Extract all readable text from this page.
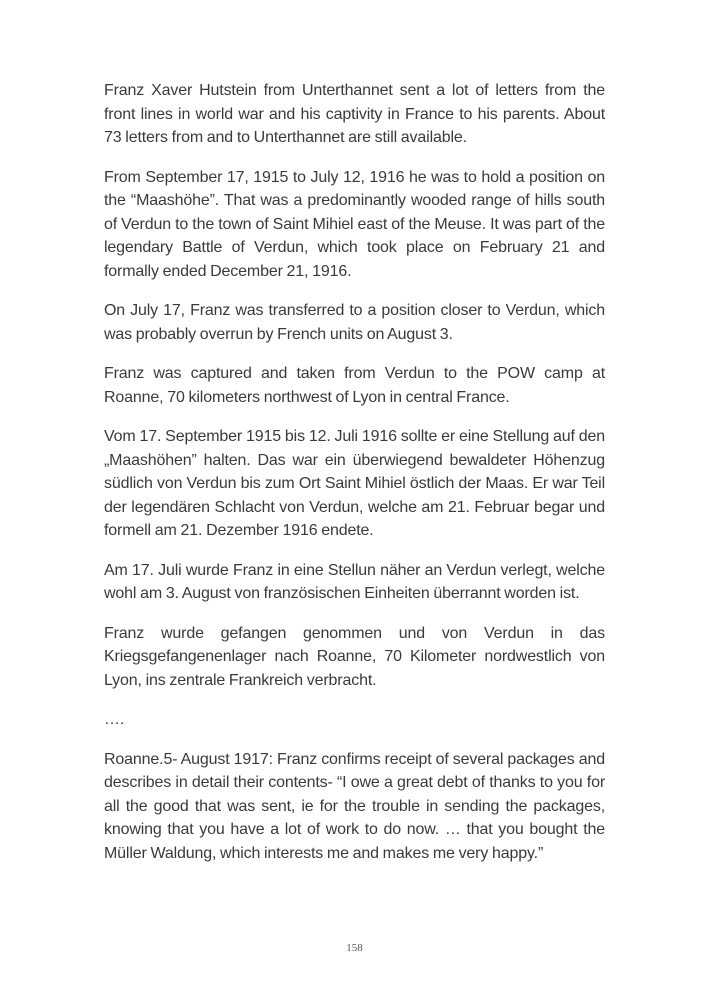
Franz Xaver Hutstein from Unterthannet sent a lot of letters from the front lines in world war and his captivity in France to his parents. About 73 letters from and to Unterthannet are still available.

From September 17, 1915 to July 12, 1916 he was to hold a position on the “Maashöhe”. That was a predominantly wooded range of hills south of Verdun to the town of Saint Mihiel east of the Meuse. It was part of the legendary Battle of Verdun, which took place on February 21 and formally ended December 21, 1916.

On July 17, Franz was transferred to a position closer to Verdun, which was probably overrun by French units on August 3.

Franz was captured and taken from Verdun to the POW camp at Roanne, 70 kilometers northwest of Lyon in central France.

Vom 17. September 1915 bis 12. Juli 1916 sollte er eine Stellung auf den „Maashöhen” halten. Das war ein überwiegend bewaldeter Höhenzug südlich von Verdun bis zum Ort Saint Mihiel östlich der Maas. Er war Teil der legendären Schlacht von Verdun, welche am 21. Februar begar und formell am 21. Dezember 1916 endete.

Am 17. Juli wurde Franz in eine Stellun näher an Verdun verlegt, welche wohl am 3. August von französischen Einheiten überrannt worden ist.

Franz wurde gefangen genommen und von Verdun in das Kriegsgefangenenlager nach Roanne, 70 Kilometer nordwestlich von Lyon, ins zentrale Frankreich verbracht.

….

Roanne.5- August 1917: Franz confirms receipt of several packages and describes in detail their contents- “I owe a great debt of thanks to you for all the good that was sent, ie for the trouble in sending the packages, knowing that you have a lot of work to do now. … that you bought the Müller Waldung, which interests me and makes me very happy.”

158
